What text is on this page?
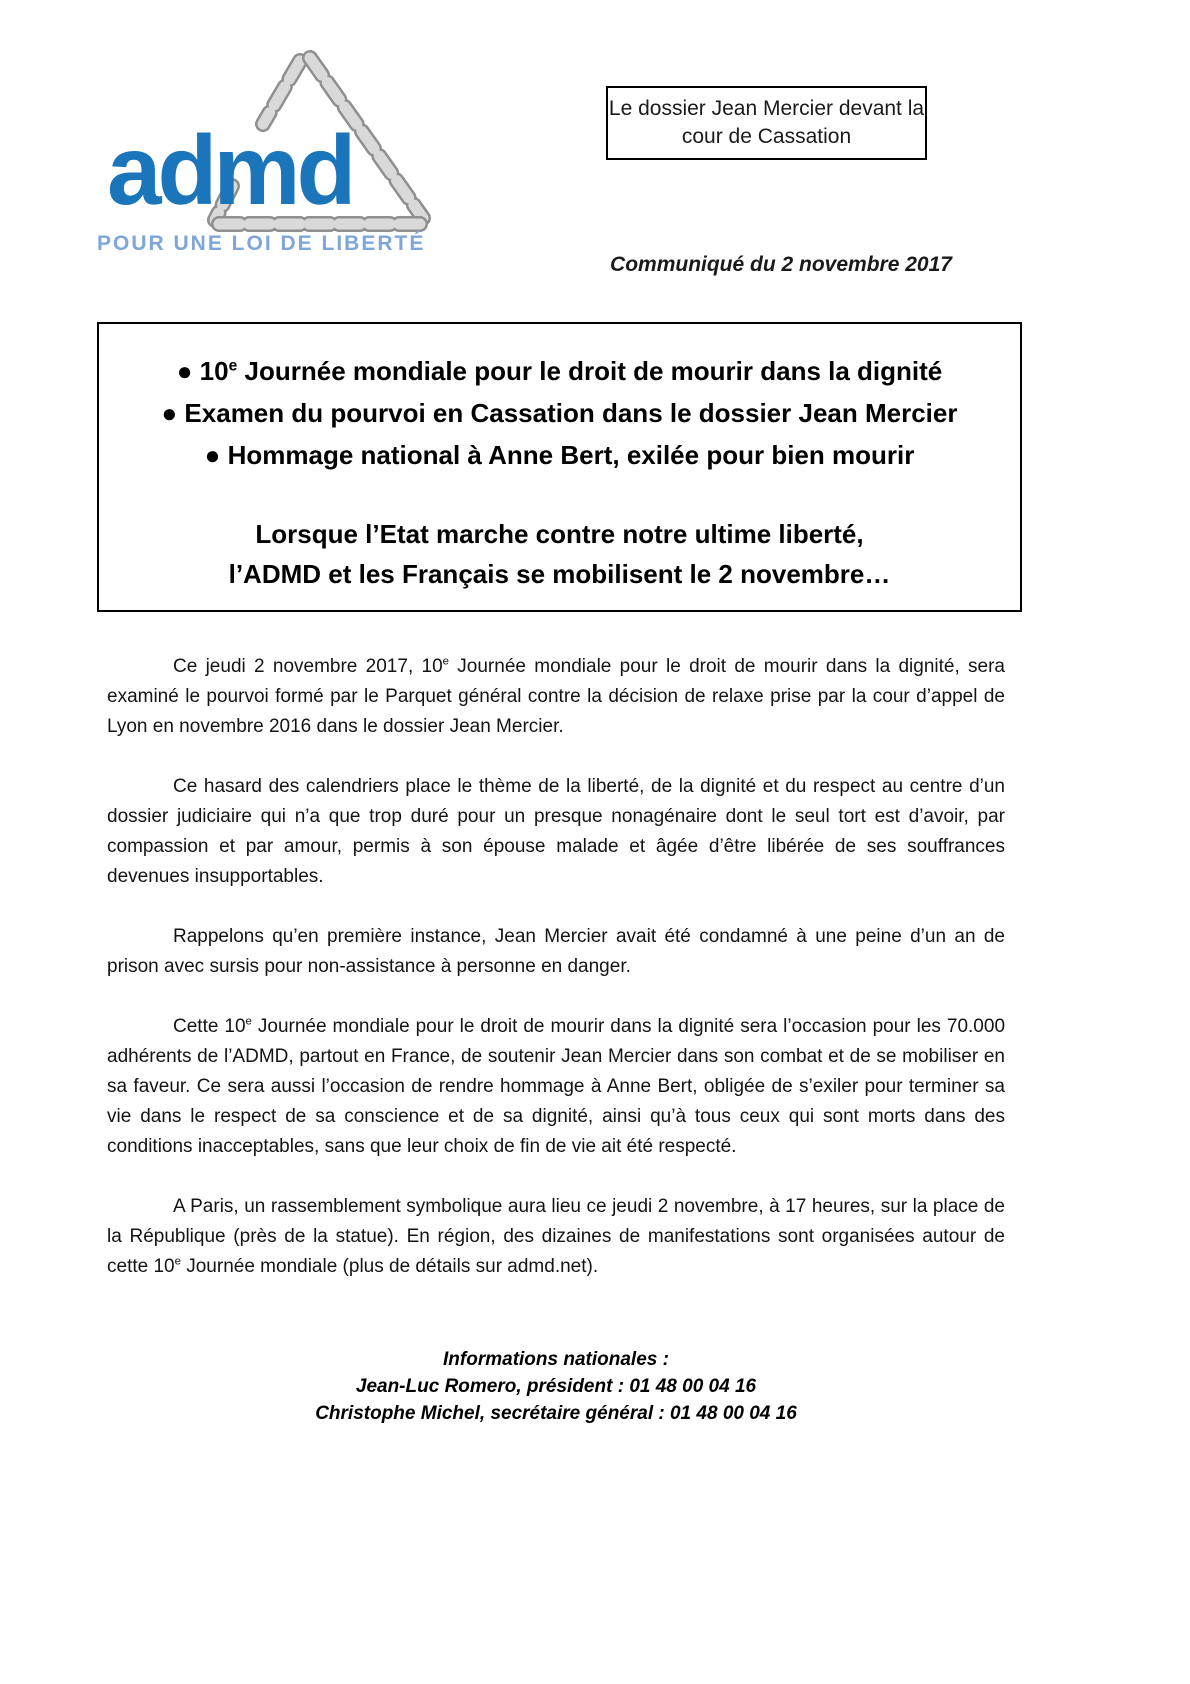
admd
POUR UNE LOI DE LIBERTÉ
Le dossier Jean Mercier devant la
cour de Cassation
Communiqué du 2 novembre 2017
● 10e Journée mondiale pour le droit de mourir dans la dignité
● Examen du pourvoi en Cassation dans le dossier Jean Mercier
● Hommage national à Anne Bert, exilée pour bien mourir
Lorsque l’Etat marche contre notre ultime liberté,
l’ADMD et les Français se mobilisent le 2 novembre…

Ce jeudi 2 novembre 2017, 10e Journée mondiale pour le droit de mourir dans la dignité, sera examiné le pourvoi formé par le Parquet général contre la décision de relaxe prise par la cour d’appel de Lyon en novembre 2016 dans le dossier Jean Mercier.

Ce hasard des calendriers place le thème de la liberté, de la dignité et du respect au centre d’un dossier judiciaire qui n’a que trop duré pour un presque nonagénaire dont le seul tort est d’avoir, par compassion et par amour, permis à son épouse malade et âgée d’être libérée de ses souffrances devenues insupportables.

Rappelons qu’en première instance, Jean Mercier avait été condamné à une peine d’un an de prison avec sursis pour non-assistance à personne en danger.

Cette 10e Journée mondiale pour le droit de mourir dans la dignité sera l’occasion pour les 70.000 adhérents de l’ADMD, partout en France, de soutenir Jean Mercier dans son combat et de se mobiliser en sa faveur. Ce sera aussi l’occasion de rendre hommage à Anne Bert, obligée de s’exiler pour terminer sa vie dans le respect de sa conscience et de sa dignité, ainsi qu’à tous ceux qui sont morts dans des conditions inacceptables, sans que leur choix de fin de vie ait été respecté.

A Paris, un rassemblement symbolique aura lieu ce jeudi 2 novembre, à 17 heures, sur la place de la République (près de la statue). En région, des dizaines de manifestations sont organisées autour de cette 10e Journée mondiale (plus de détails sur admd.net).

Informations nationales :
Jean-Luc Romero, président : 01 48 00 04 16
Christophe Michel, secrétaire général : 01 48 00 04 16
